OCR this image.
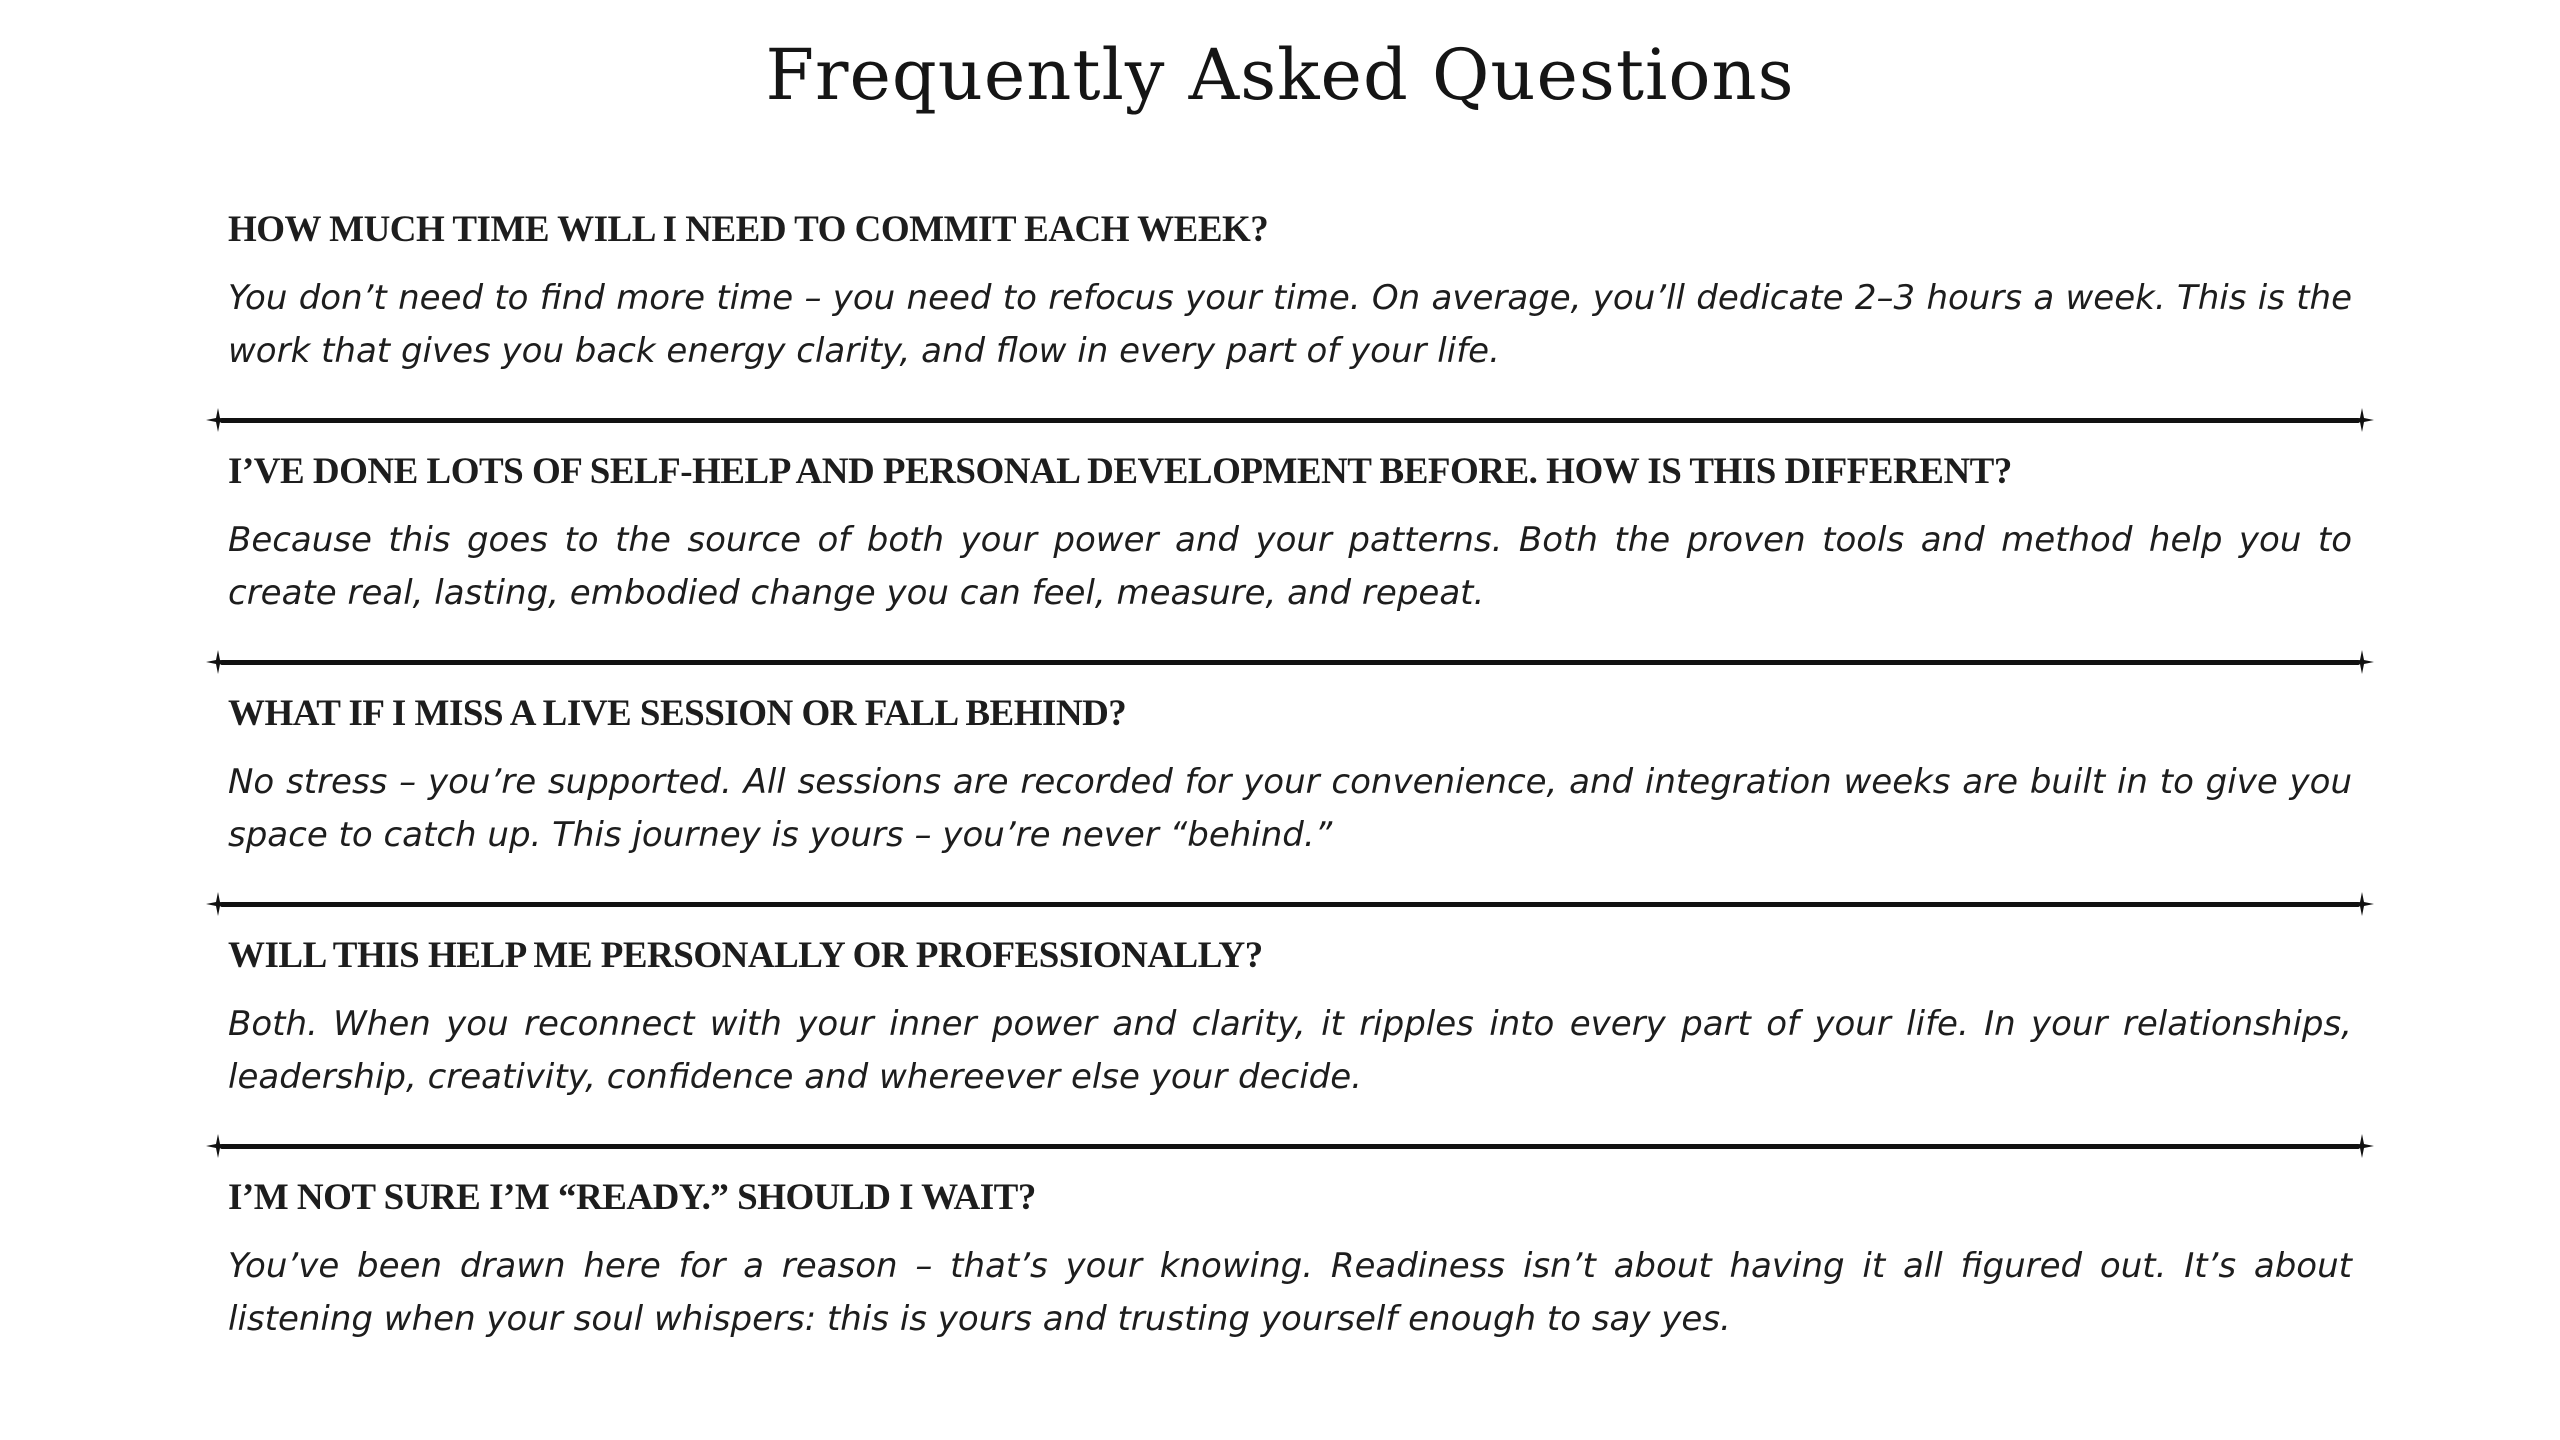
Frequently Asked Questions
HOW MUCH TIME WILL I NEED TO COMMIT EACH WEEK?

You don’t need to find more time – you need to refocus your time. On average, you’ll dedicate 2–3 hours a week. This is the work that gives you back energy clarity, and flow in every part of your life.

I’VE DONE LOTS OF SELF-HELP AND PERSONAL DEVELOPMENT BEFORE. HOW IS THIS DIFFERENT?

Because this goes to the source of both your power and your patterns. Both the proven tools and method help you to create real, lasting, embodied change you can feel, measure, and repeat.

WHAT IF I MISS A LIVE SESSION OR FALL BEHIND?

No stress – you’re supported. All sessions are recorded for your convenience, and integration weeks are built in to give you space to catch up. This journey is yours – you’re never “behind.”

WILL THIS HELP ME PERSONALLY OR PROFESSIONALLY?

Both. When you reconnect with your inner power and clarity, it ripples into every part of your life. In your relationships, leadership, creativity, confidence and whereever else your decide.

I’M NOT SURE I’M “READY.” SHOULD I WAIT?

You’ve been drawn here for a reason – that’s your knowing. Readiness isn’t about having it all figured out. It’s about listening when your soul whispers: this is yours and trusting yourself enough to say yes.
